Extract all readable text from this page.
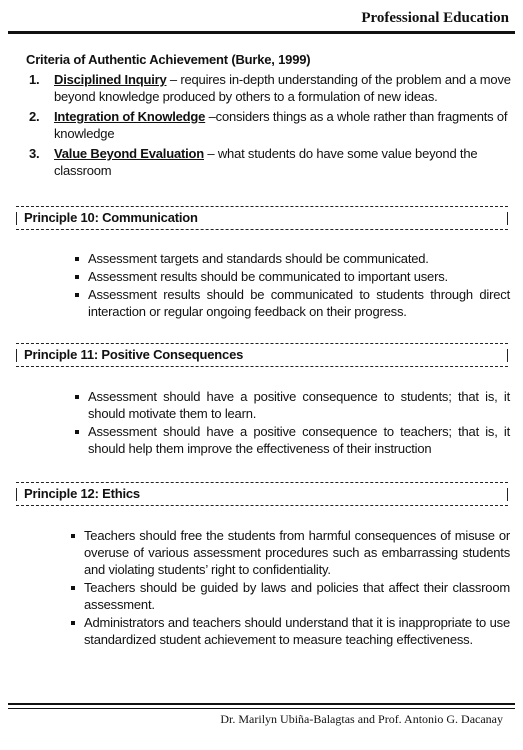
Professional Education
Criteria of Authentic Achievement (Burke, 1999)
1. Disciplined Inquiry – requires in-depth understanding of the problem and a move beyond knowledge produced by others to a formulation of new ideas.
2. Integration of Knowledge –considers things as a whole rather than fragments of knowledge
3. Value Beyond Evaluation – what students do have some value beyond the classroom
Principle 10: Communication
Assessment targets and standards should be communicated.
Assessment results should be communicated to important users.
Assessment results should be communicated to students through direct interaction or regular ongoing feedback on their progress.
Principle 11: Positive Consequences
Assessment should have a positive consequence to students; that is, it should motivate them to learn.
Assessment should have a positive consequence to teachers; that is, it should help them improve the effectiveness of their instruction
Principle 12: Ethics
Teachers should free the students from harmful consequences of misuse or overuse of various assessment procedures such as embarrassing students and violating students’ right to confidentiality.
Teachers should be guided by laws and policies that affect their classroom assessment.
Administrators and teachers should understand that it is inappropriate to use standardized student achievement to measure teaching effectiveness.
Dr. Marilyn Ubiña-Balagtas and Prof. Antonio G. Dacanay
